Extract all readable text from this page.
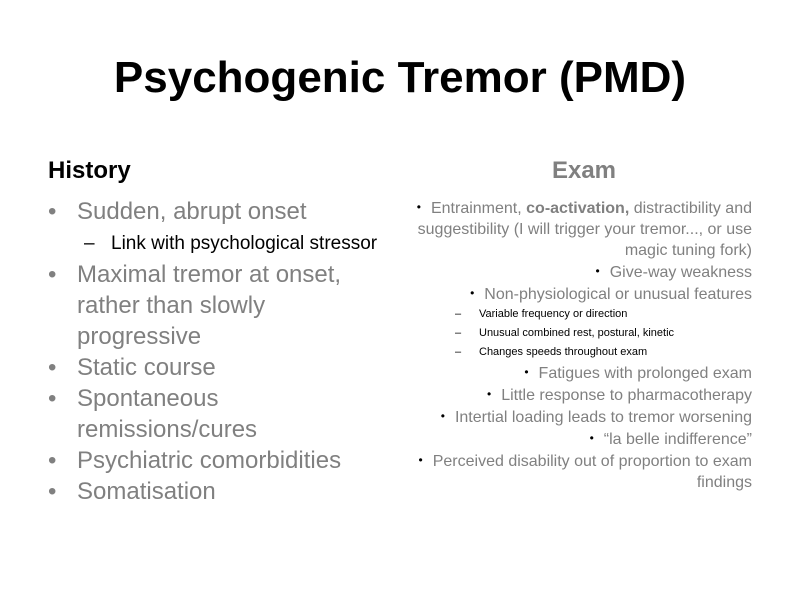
Psychogenic Tremor (PMD)
History	Exam
• Sudden, abrupt onset
– Link with psychological stressor
• Maximal tremor at onset, rather than slowly progressive
• Static course
• Spontaneous remissions/cures
• Psychiatric comorbidities
• Somatisation
• Entrainment, co-activation, distractibility and suggestibility (I will trigger your tremor..., or use magic tuning fork)
• Give-way weakness
• Non-physiological or unusual features
– Variable frequency or direction
– Unusual combined rest, postural, kinetic
– Changes speeds throughout exam
• Fatigues with prolonged exam
• Little response to pharmacotherapy
• Intertial loading leads to tremor worsening
• “la belle indifference”
• Perceived disability out of proportion to exam findings
